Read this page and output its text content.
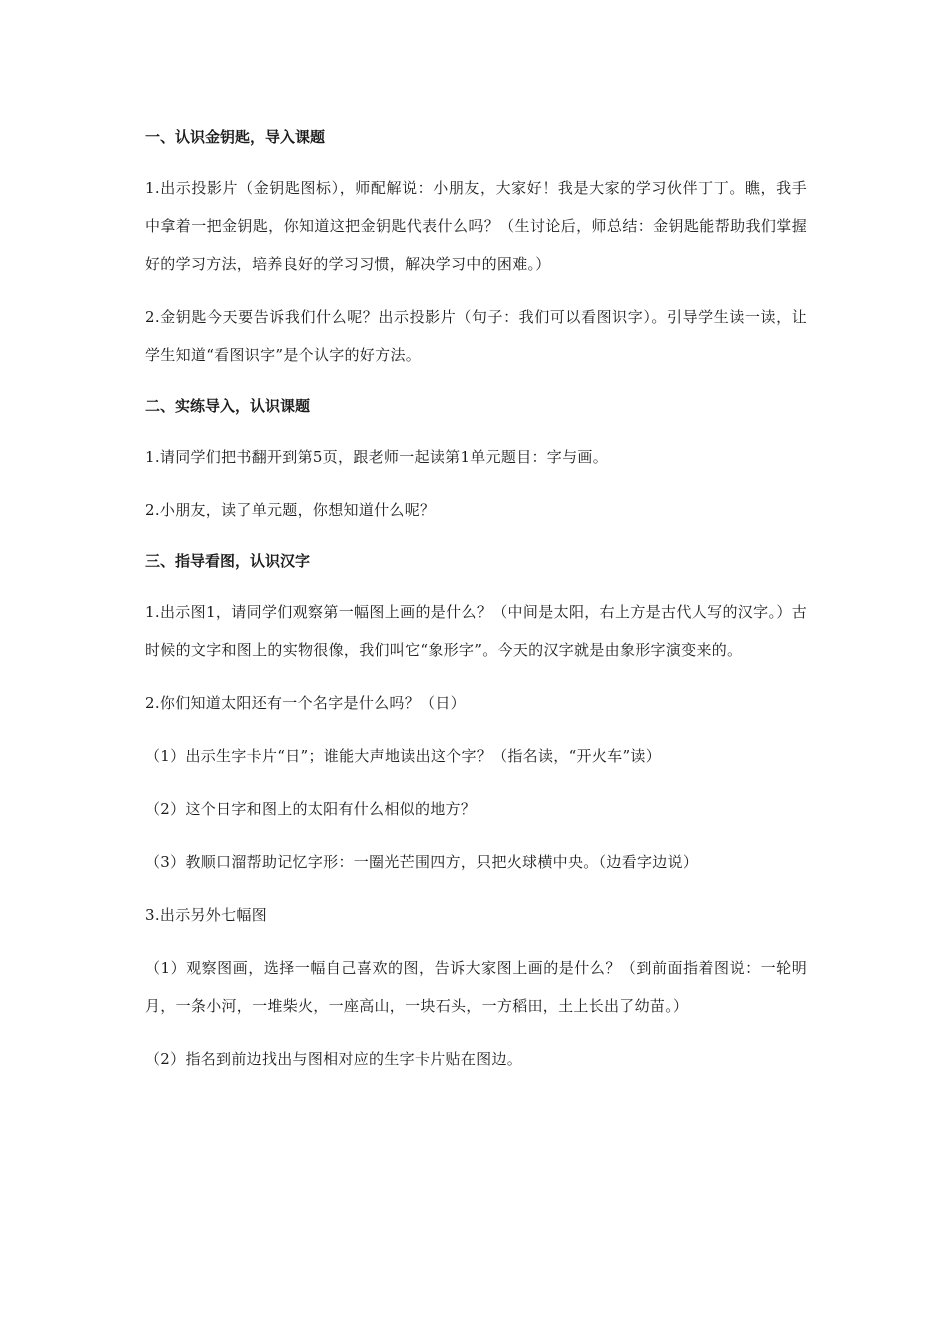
一、认识金钥匙，导入课题

1.出示投影片（金钥匙图标），师配解说：小朋友，大家好！我是大家的学习伙伴丁丁。瞧，我手中拿着一把金钥匙，你知道这把金钥匙代表什么吗？（生讨论后，师总结：金钥匙能帮助我们掌握好的学习方法，培养良好的学习习惯，解决学习中的困难。）

2.金钥匙今天要告诉我们什么呢？出示投影片（句子：我们可以看图识字）。引导学生读一读，让学生知道“看图识字”是个认字的好方法。

二、实练导入，认识课题

1.请同学们把书翻开到第5页，跟老师一起读第1单元题目：字与画。

2.小朋友，读了单元题，你想知道什么呢？

三、指导看图，认识汉字

1.出示图1，请同学们观察第一幅图上画的是什么？（中间是太阳，右上方是古代人写的汉字。）古时候的文字和图上的实物很像，我们叫它“象形字”。今天的汉字就是由象形字演变来的。

2.你们知道太阳还有一个名字是什么吗？（日）

（1）出示生字卡片“日”；谁能大声地读出这个字？（指名读，“开火车”读）

（2）这个日字和图上的太阳有什么相似的地方？

（3）教顺口溜帮助记忆字形：一圈光芒围四方，只把火球横中央。（边看字边说）

3.出示另外七幅图

（1）观察图画，选择一幅自己喜欢的图，告诉大家图上画的是什么？（到前面指着图说：一轮明月，一条小河，一堆柴火，一座高山，一块石头，一方稻田，土上长出了幼苗。）

（2）指名到前边找出与图相对应的生字卡片贴在图边。
